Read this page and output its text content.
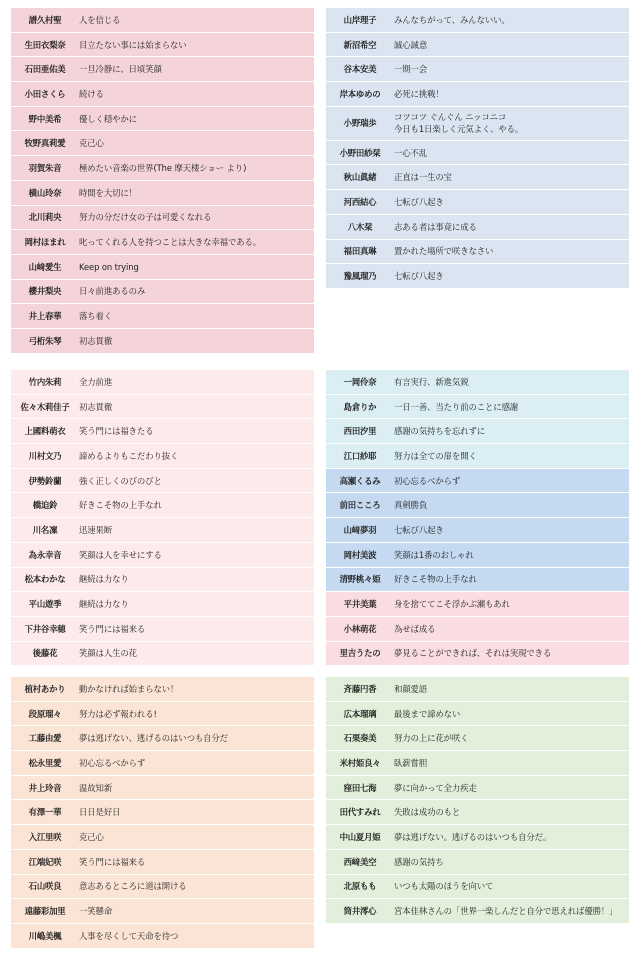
譜久村聖	人を信じる
生田衣梨奈	目立たない事には始まらない
石田亜佑美	一旦冷静に、日頃笑顔
小田さくら	続ける
野中美希	優しく穏やかに
牧野真莉愛	克己心
羽賀朱音	極めたい音楽の世界(The 摩天楼ショー より)
横山玲奈	時間を大切に！
北川莉央	努力の分だけ女の子は可愛くなれる
岡村ほまれ	叱ってくれる人を持つことは大きな幸福である。
山﨑愛生	Keep on trying
櫻井梨央	日々前進あるのみ
井上春華	落ち着く
弓桁朱琴	初志貫徹
山岸理子	みんなちがって、みんないい。
新沼希空	誠心誠意
谷本安美	一期一会
岸本ゆめの	必死に挑戦！
小野瑞歩
コツコツ ぐんぐん ニッコニコ
今日も1日楽しく元気よく、やる。
小野田紗栞	一心不乱
秋山眞緒	正直は一生の宝
河西結心	七転び八起き
八木栞	志ある者は事竟に成る
福田真琳	置かれた場所で咲きなさい
豫風瑠乃	七転び八起き
竹内朱莉	全力前進
佐々木莉佳子	初志貫徹
上國料萌衣	笑う門には福きたる
川村文乃	諦めるよりもこだわり抜く
伊勢鈴蘭	強く正しくのびのびと
橋迫鈴	好きこそ物の上手なれ
川名凜	迅速果断
為永幸音	笑顔は人を幸せにする
松本わかな	継続は力なり
平山遊季	継続は力なり
下井谷幸穂	笑う門には福来る
後藤花	笑顔は人生の花
一岡伶奈	有言実行、新進気鋭
島倉りか	一日一善、当たり前のことに感謝
西田汐里	感謝の気持ちを忘れずに
江口紗耶	努力は全ての扉を開く
高瀬くるみ	初心忘るべからず
前田こころ	真剣勝負
山﨑夢羽	七転び八起き
岡村美波	笑顔は1番のおしゃれ
清野桃々姫	好きこそ物の上手なれ
平井美葉	身を捨ててこそ浮かぶ瀬もあれ
小林萌花	為せば成る
里吉うたの	夢見ることができれば、それは実現できる
植村あかり	動かなければ始まらない！
段原瑠々	努力は必ず報われる!
工藤由愛	夢は逃げない、逃げるのはいつも自分だ
松永里愛	初心忘るべからず
井上玲音	温故知新
有澤一華	日日是好日
入江里咲	克己心
江端妃咲	笑う門には福来る
石山咲良	意志あるところに道は開ける
遠藤彩加里	一笑懸命
川嶋美楓	人事を尽くして天命を待つ
斉藤円香	和顔愛語
広本瑠璃	最後まで諦めない
石栗奏美	努力の上に花が咲く
米村姫良々	臥薪嘗胆
窪田七海	夢に向かって全力疾走
田代すみれ	失敗は成功のもと
中山夏月姫	夢は逃げない。逃げるのはいつも自分だ。
西﨑美空	感謝の気持ち
北原もも	いつも太陽のほうを向いて
筒井澪心	宮本佳林さんの「世界一楽しんだと自分で思えれば優勝！」
